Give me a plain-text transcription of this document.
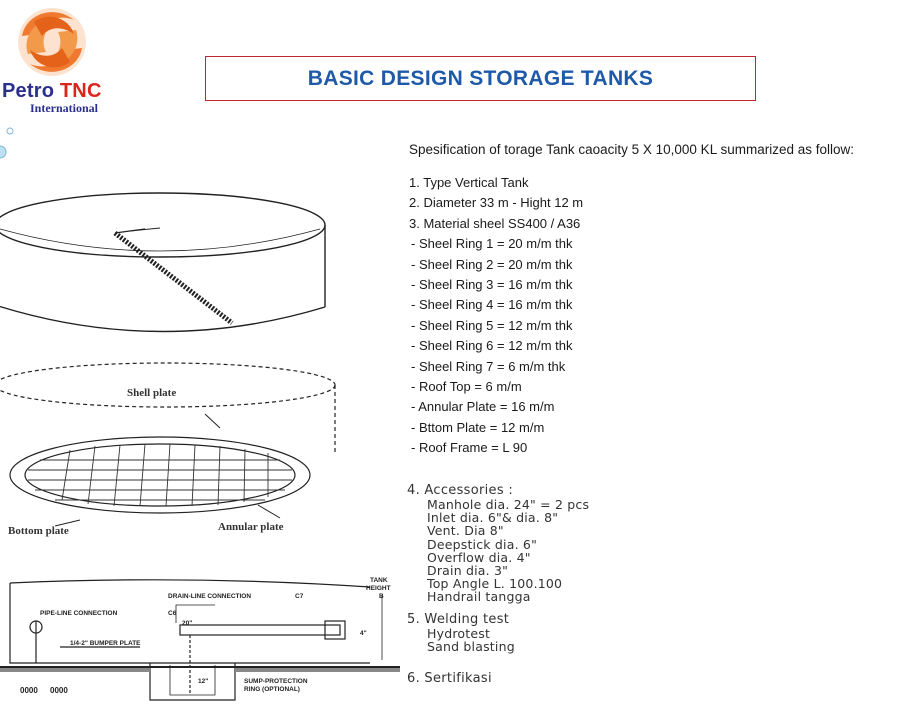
Petro TNC
International
BASIC DESIGN STORAGE TANKS
Spesification of torage Tank caoacity 5 X 10,000 KL summarized as follow:
1. Type Vertical Tank
2. Diameter 33 m - Hight 12 m
3. Material sheel SS400 / A36
- Sheel Ring 1 = 20 m/m thk
- Sheel Ring 2 = 20 m/m thk
- Sheel Ring 3 = 16 m/m thk
- Sheel Ring 4 = 16 m/m thk
- Sheel Ring 5 = 12 m/m thk
- Sheel Ring 6 = 12 m/m thk
- Sheel Ring 7 = 6 m/m thk
- Roof Top = 6 m/m
- Annular Plate = 16 m/m
- Bttom Plate = 12 m/m
- Roof Frame = L 90
4. Accessories :
Manhole dia. 24" = 2 pcs
Inlet dia. 6"& dia. 8"
Vent. Dia 8"
Deepstick dia. 6"
Overflow dia. 4"
Drain dia. 3"
Top Angle L. 100.100
Handrail tangga
5. Welding test
Hydrotest
Sand blasting
6. Sertifikasi
Shell plate
Bottom plate	Annular plate
PIPE-LINE CONNECTION	C6
DRAIN-LINE CONNECTION	C7
1/4-2" BUMPER PLATE
SUMP-PROTECTION
RING (OPTIONAL)
TANK
HEIGHT
B
20"
4"
12"
0000 0000
